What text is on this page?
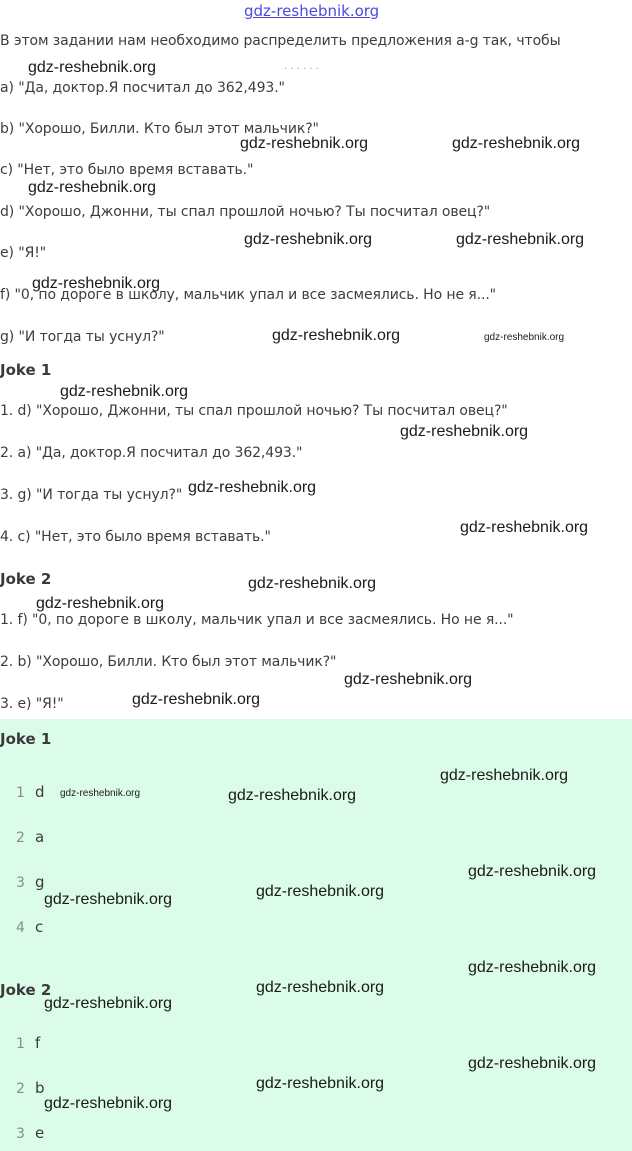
gdz-reshebnik.org
В этом задании нам необходимо распределить предложения a-g так, чтобы
· · · · · ·
a) "Да, доктор.Я посчитал до 362,493."
b) "Хорошо, Билли. Кто был этот мальчик?"
c) "Нет, это было время вставать."
d) "Хорошо, Джонни, ты спал прошлой ночью? Ты посчитал овец?"
e) "Я!"
f) "0, по дороге в школу, мальчик упал и все засмеялись. Но не я..."
g) "И тогда ты уснул?"
Joke 1
1. d) "Хорошо, Джонни, ты спал прошлой ночью? Ты посчитал овец?"
2. a) "Да, доктор.Я посчитал до 362,493."
3. g) "И тогда ты уснул?"
4. c) "Нет, это было время вставать."
Joke 2
1. f) "0, по дороге в школу, мальчик упал и все засмеялись. Но не я..."
2. b) "Хорошо, Билли. Кто был этот мальчик?"
3. e) "Я!"
Joke 1
1 d
2 a
3 g
4 c
Joke 2
1 f
2 b
3 e
gdz-reshebnik.org
gdz-reshebnik.org	gdz-reshebnik.org
gdz-reshebnik.org
gdz-reshebnik.org	gdz-reshebnik.org
gdz-reshebnik.org
gdz-reshebnik.org	gdz-reshebnik.org
gdz-reshebnik.org
gdz-reshebnik.org
gdz-reshebnik.org
gdz-reshebnik.org
gdz-reshebnik.org
gdz-reshebnik.org
gdz-reshebnik.org
gdz-reshebnik.org
gdz-reshebnik.org
gdz-reshebnik.org	gdz-reshebnik.org
gdz-reshebnik.org
gdz-reshebnik.org
gdz-reshebnik.org
gdz-reshebnik.org
gdz-reshebnik.org
gdz-reshebnik.org
gdz-reshebnik.org
gdz-reshebnik.org
gdz-reshebnik.org
